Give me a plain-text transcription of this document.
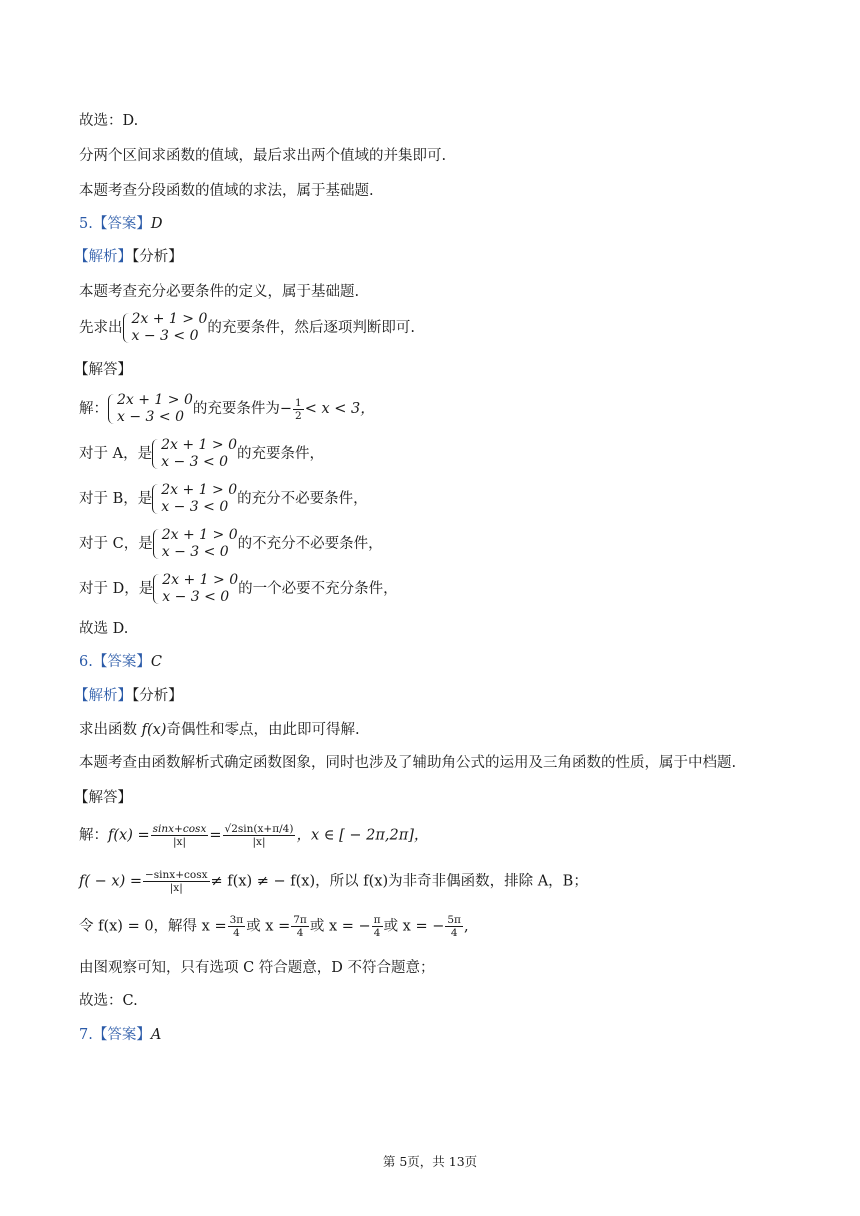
故选：D.
分两个区间求函数的值域，最后求出两个值域的并集即可.
本题考查分段函数的值域的求法，属于基础题.
5.【答案】D
【解析】【分析】
本题考查充分必要条件的定义，属于基础题.
先求出
2x + 1 > 0
x − 3 < 0 的充要条件，然后逐项判断即可.
【解答】
解：
2x + 1 > 0
x − 3 < 0 的充要条件为− $\frac{1}{2} < x < 3$，
对于 A，是
2x + 1 > 0
x − 3 < 0 的充要条件，
对于 B，是
2x + 1 > 0
x − 3 < 0 的充分不必要条件，
对于 C，是
2x + 1 > 0
x − 3 < 0 的不充分不必要条件，
对于 D，是
2x + 1 > 0
x − 3 < 0 的一个必要不充分条件，
故选 D.
6.【答案】C
【解析】【分析】
求出函数 f(x)奇偶性和零点，由此即可得解.
本题考查由函数解析式确定函数图象，同时也涉及了辅助角公式的运用及三角函数的性质，属于中档题.
【解答】
解：$f(x) = \frac{\sin x+\cos x}{|x|} = \frac{√2\sin(x+\pi/4)}{|x|}$ ，x ∈ [ − 2π,2π]，
$f( - x) = \frac{-\sin x+\cos x}{|x|} \ne f(x)$ ≠ − f(x)，所以 f(x)为非奇非偶函数，排除 A，B；
令 f(x) = 0，解得 $x = \frac{3\pi}{4}$ 或 $x = \frac{7\pi}{4}$ 或 x = − $\frac{\pi}{4}$ 或 x = − $\frac{5\pi}{4}$ ,
由图观察可知，只有选项 C 符合题意，D 不符合题意；
故选：C.
7.【答案】A
第 5页，共 13页
